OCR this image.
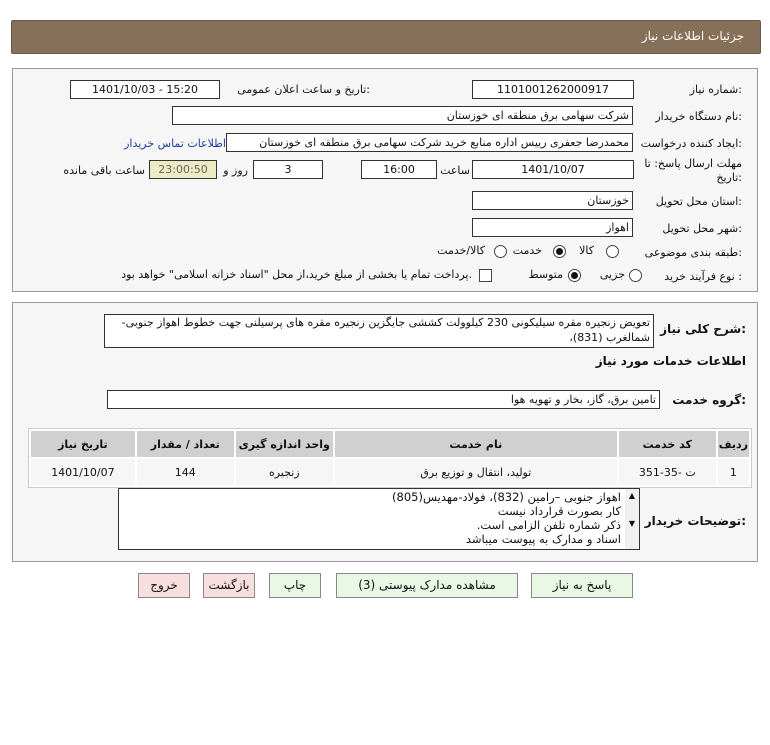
جزئیات اطلاعات نیاز
شماره نیاز:
1101001262000917
تاریخ و ساعت اعلان عمومی:
1401/10/03 - 15:20
نام دستگاه خریدار:
شرکت سهامی برق منطقه ای خوزستان
ایجاد کننده درخواست:
محمدرضا جعفری رییس اداره منابع خرید شرکت سهامی برق منطقه ای خوزستان
اطلاعات تماس خریدار
مهلت ارسال پاسخ: تا تاریخ:
1401/10/07
ساعت
16:00
3
روز و
23:00:50
ساعت باقی مانده
استان محل تحویل:
خوزستان
شهر محل تحویل:
اهواز
طبقه بندی موضوعی:
کالا
خدمت
کالا/خدمت
نوع فرآیند خرید :
جزیی
متوسط
پرداخت تمام یا بخشی از مبلغ خرید،از محل "اسناد خزانه اسلامی" خواهد بود.
شرح کلی نیاز:
تعویض زنجیره مقره سیلیکونی 230 کیلوولت کششی جایگزین زنجیره مقره های پرسیلنی جهت خطوط اهواز جنوبی-شمالغرب (831)،
اطلاعات خدمات مورد نیاز
گروه خدمت:
تامین برق، گاز، بخار و تهویه هوا
ردیف	کد خدمت	نام خدمت	واحد اندازه گیری	تعداد / مقدار	تاریخ نیاز
1	ت -35-351	تولید، انتقال و توزیع برق	زنجیره	144	1401/10/07
توضیحات خریدار:
▲

▼
اهواز جنوبی –رامین (832)، فولاد-مهدیس(805)
کار بصورت قرارداد نیست
ذکر شماره تلفن الزامی است.
اسناد و مدارک به پیوست میباشد
پاسخ به نیاز
مشاهده مدارک پیوستی (3)
چاپ
بازگشت
خروج
